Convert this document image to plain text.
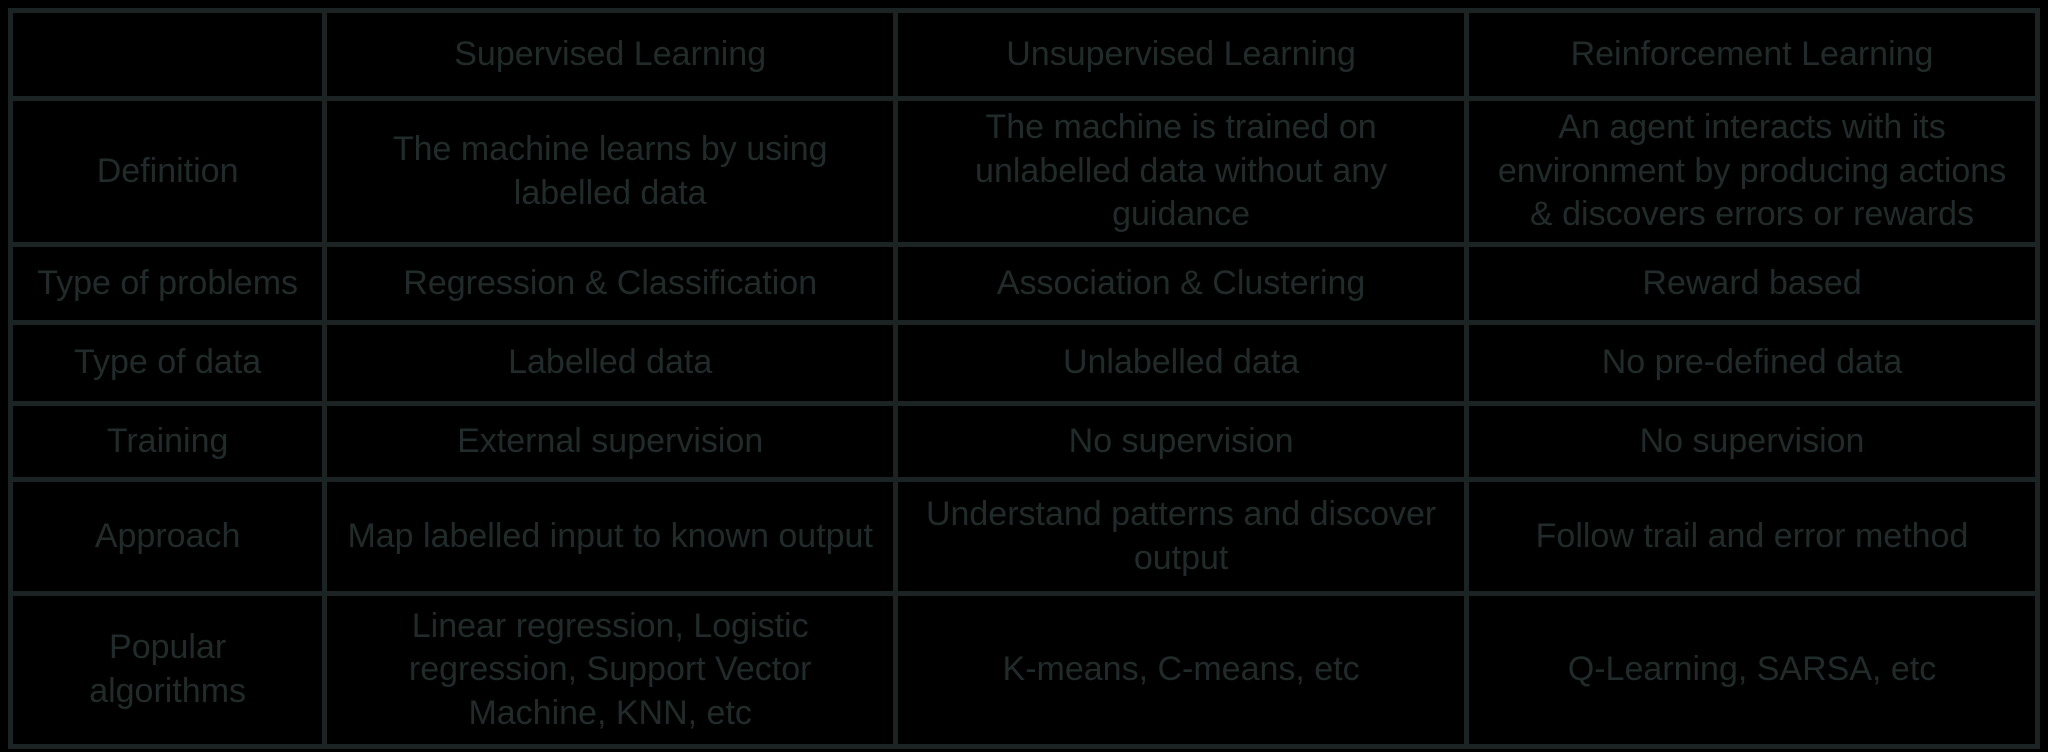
	Supervised Learning	Unsupervised Learning	Reinforcement Learning
Definition	The machine learns by using labelled data	The machine is trained on unlabelled data without any guidance	An agent interacts with its environment by producing actions & discovers errors or rewards
Type of problems	Regression & Classification	Association & Clustering	Reward based
Type of data	Labelled data	Unlabelled data	No pre-defined data
Training	External supervision	No supervision	No supervision
Approach	Map labelled input to known output	Understand patterns and discover output	Follow trail and error method
Popular algorithms	Linear regression, Logistic regression, Support Vector Machine, KNN, etc	K-means, C-means, etc	Q-Learning, SARSA, etc
